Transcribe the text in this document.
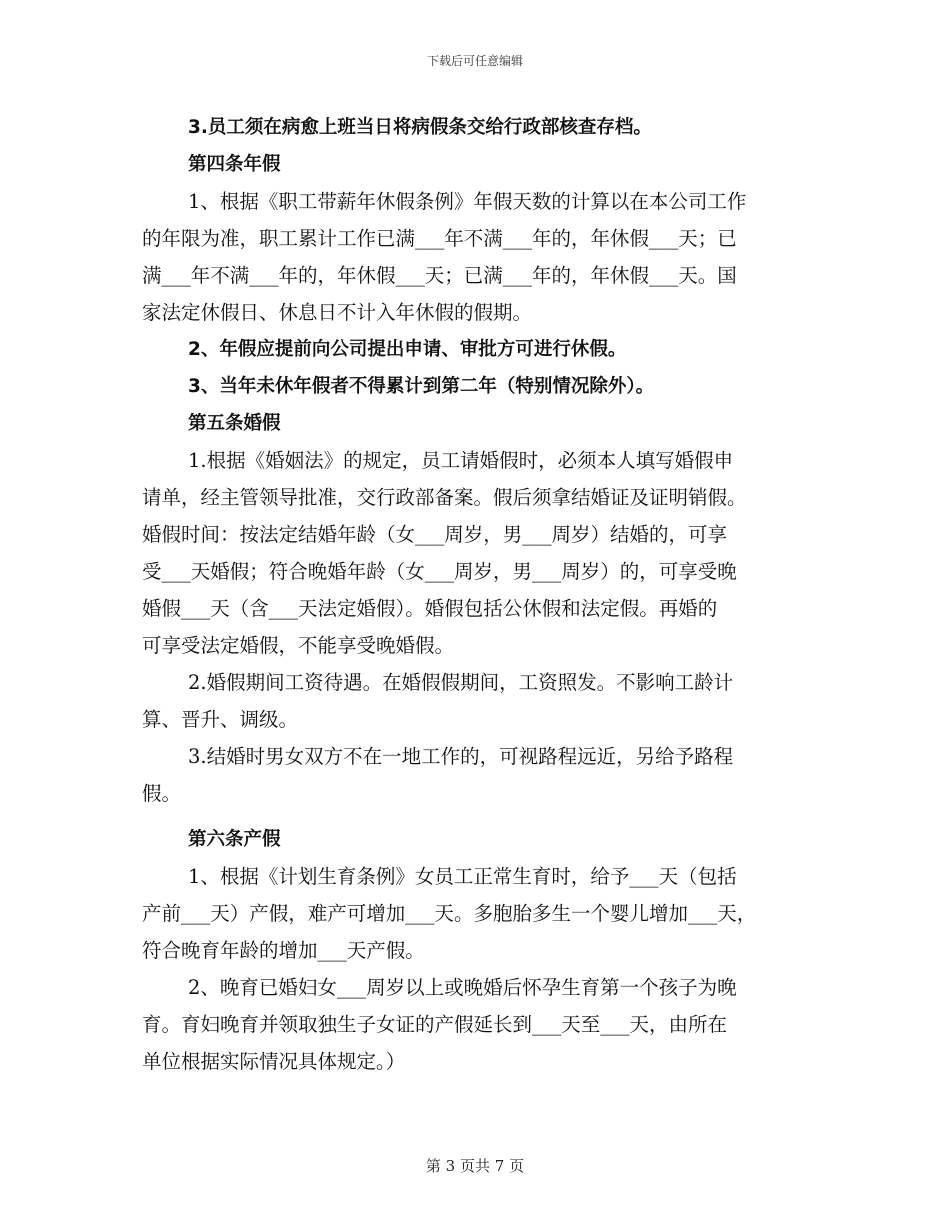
下载后可任意编辑
3.员工须在病愈上班当日将病假条交给行政部核查存档。
第四条年假
1、根据《职工带薪年休假条例》年假天数的计算以在本公司工作
的年限为准，职工累计工作已满___年不满___年的，年休假___天；已
满___年不满___年的，年休假___天；已满___年的，年休假___天。国
家法定休假日、休息日不计入年休假的假期。
2、年假应提前向公司提出申请、审批方可进行休假。
3、当年未休年假者不得累计到第二年（特别情况除外）。
第五条婚假
1.根据《婚姻法》的规定，员工请婚假时，必须本人填写婚假申
请单，经主管领导批准，交行政部备案。假后须拿结婚证及证明销假。
婚假时间：按法定结婚年龄（女___周岁，男___周岁）结婚的，可享
受___天婚假；符合晚婚年龄（女___周岁，男___周岁）的，可享受晚
婚假___天（含___天法定婚假）。婚假包括公休假和法定假。再婚的
可享受法定婚假，不能享受晚婚假。
2.婚假期间工资待遇。在婚假假期间，工资照发。不影响工龄计
算、晋升、调级。
3.结婚时男女双方不在一地工作的，可视路程远近，另给予路程
假。
第六条产假
1、根据《计划生育条例》女员工正常生育时，给予___天（包括
产前___天）产假，难产可增加___天。多胞胎多生一个婴儿增加___天，
符合晚育年龄的增加___天产假。
2、晚育已婚妇女___周岁以上或晚婚后怀孕生育第一个孩子为晚
育。育妇晚育并领取独生子女证的产假延长到___天至___天，由所在
单位根据实际情况具体规定。）
第 3 页共 7 页
